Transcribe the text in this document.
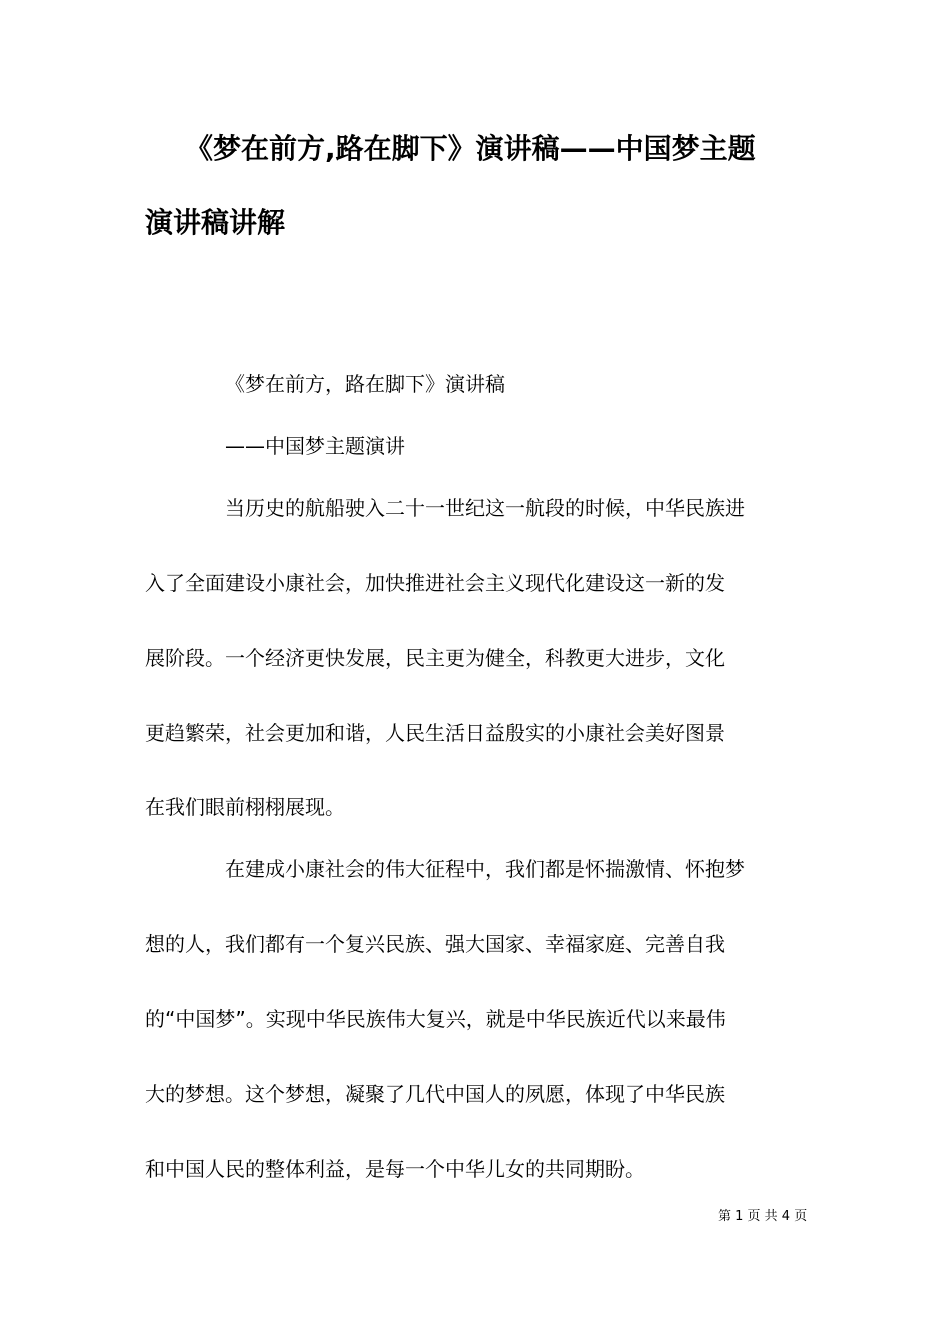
《梦在前方,路在脚下》演讲稿——中国梦主题
演讲稿讲解
《梦在前方，路在脚下》演讲稿
——中国梦主题演讲
当历史的航船驶入二十一世纪这一航段的时候，中华民族进
入了全面建设小康社会，加快推进社会主义现代化建设这一新的发
展阶段。一个经济更快发展，民主更为健全，科教更大进步，文化
更趋繁荣，社会更加和谐，人民生活日益殷实的小康社会美好图景
在我们眼前栩栩展现。
在建成小康社会的伟大征程中，我们都是怀揣激情、怀抱梦
想的人，我们都有一个复兴民族、强大国家、幸福家庭、完善自我
的“中国梦”。实现中华民族伟大复兴，就是中华民族近代以来最伟
大的梦想。这个梦想，凝聚了几代中国人的夙愿，体现了中华民族
和中国人民的整体利益，是每一个中华儿女的共同期盼。
第 1 页 共 4 页
